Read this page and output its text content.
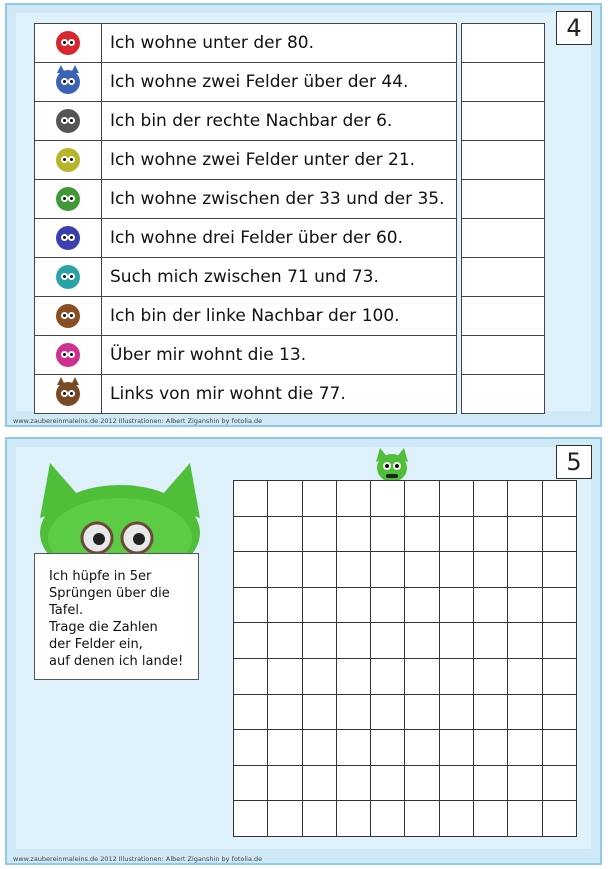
4
www.zaubereinmaleins.de 2012 Illustrationen: Albert Ziganshin by fotolia.de
	Ich wohne unter der 80.		

	Ich wohne zwei Felder über der 44.		

	Ich bin der rechte Nachbar der 6.		

	Ich wohne zwei Felder unter der 21.		

	Ich wohne zwischen der 33 und der 35.		

	Ich wohne drei Felder über der 60.		

	Such mich zwischen 71 und 73.		

	Ich bin der linke Nachbar der 100.		

	Über mir wohnt die 13.		

	Links von mir wohnt die 77.		
5
www.zaubereinmaleins.de 2012 Illustrationen: Albert Ziganshin by fotolia.de

Ich hüpfe in 5er
Sprüngen über die
Tafel.
Trage die Zahlen
der Felder ein,
auf denen ich lande!
